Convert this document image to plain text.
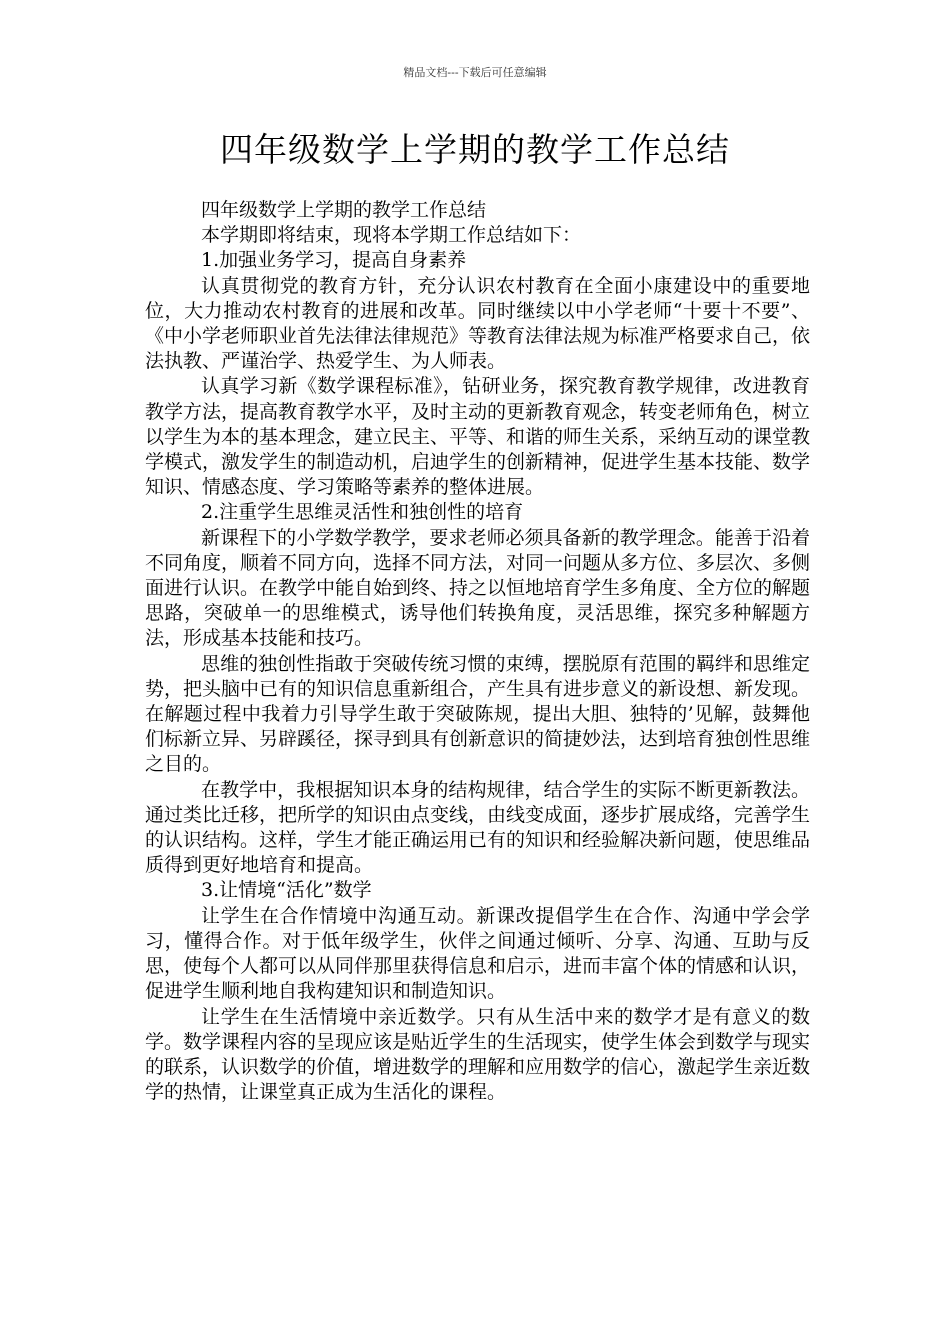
精品文档---下载后可任意编辑
四年级数学上学期的教学工作总结

四年级数学上学期的教学工作总结

本学期即将结束，现将本学期工作总结如下：

1.加强业务学习，提高自身素养

认真贯彻党的教育方针，充分认识农村教育在全面小康建设中的重要地位，大力推动农村教育的进展和改革。同时继续以中小学老师“十要十不要”、《中小学老师职业首先法律法律规范》等教育法律法规为标准严格要求自己，依法执教、严谨治学、热爱学生、为人师表。

认真学习新《数学课程标准》，钻研业务，探究教育教学规律，改进教育教学方法，提高教育教学水平，及时主动的更新教育观念，转变老师角色，树立以学生为本的基本理念，建立民主、平等、和谐的师生关系，采纳互动的课堂教学模式，激发学生的制造动机，启迪学生的创新精神，促进学生基本技能、数学知识、情感态度、学习策略等素养的整体进展。

2.注重学生思维灵活性和独创性的培育

新课程下的小学数学教学，要求老师必须具备新的教学理念。能善于沿着不同角度，顺着不同方向，选择不同方法，对同一问题从多方位、多层次、多侧面进行认识。在教学中能自始到终、持之以恒地培育学生多角度、全方位的解题思路，突破单一的思维模式，诱导他们转换角度，灵活思维，探究多种解题方法，形成基本技能和技巧。

思维的独创性指敢于突破传统习惯的束缚，摆脱原有范围的羁绊和思维定势，把头脑中已有的知识信息重新组合，产生具有进步意义的新设想、新发现。在解题过程中我着力引导学生敢于突破陈规，提出大胆、独特的’见解，鼓舞他们标新立异、另辟蹊径，探寻到具有创新意识的简捷妙法，达到培育独创性思维之目的。

在教学中，我根据知识本身的结构规律，结合学生的实际不断更新教法。通过类比迁移，把所学的知识由点变线，由线变成面，逐步扩展成络，完善学生的认识结构。这样，学生才能正确运用已有的知识和经验解决新问题，使思维品质得到更好地培育和提高。

3.让情境“活化”数学

让学生在合作情境中沟通互动。新课改提倡学生在合作、沟通中学会学习，懂得合作。对于低年级学生，伙伴之间通过倾听、分享、沟通、互助与反思，使每个人都可以从同伴那里获得信息和启示，进而丰富个体的情感和认识，促进学生顺利地自我构建知识和制造知识。

让学生在生活情境中亲近数学。只有从生活中来的数学才是有意义的数学。数学课程内容的呈现应该是贴近学生的生活现实，使学生体会到数学与现实的联系，认识数学的价值，增进数学的理解和应用数学的信心，激起学生亲近数学的热情，让课堂真正成为生活化的课程。
